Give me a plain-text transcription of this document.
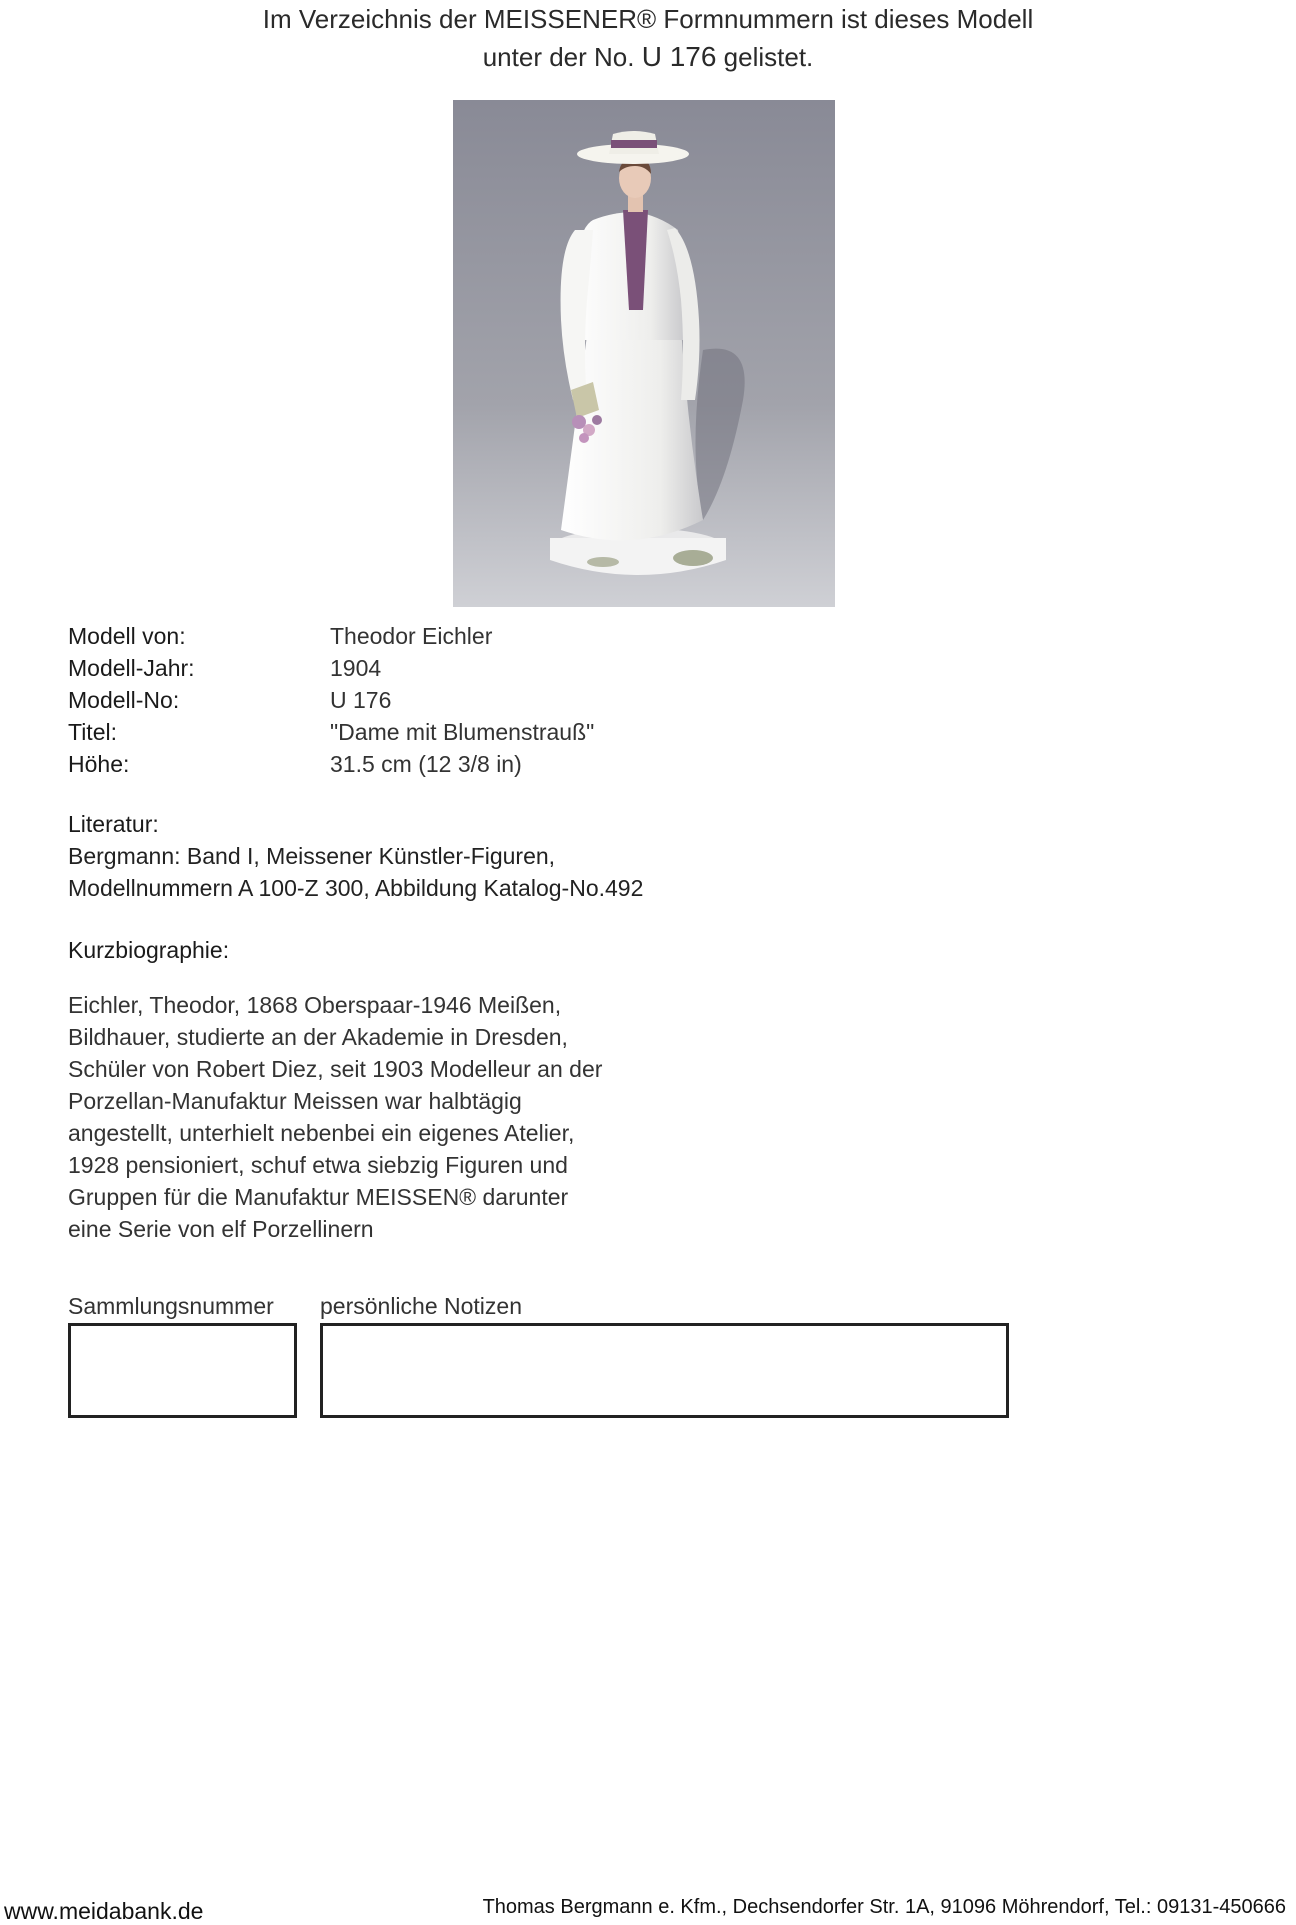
Im Verzeichnis der MEISSENER® Formnummern ist dieses Modell
unter der No. U 176 gelistet.
Modell von:	Theodor Eichler
Modell-Jahr:	1904
Modell-No:	U 176
Titel:	"Dame mit Blumenstrauß"
Höhe:	31.5 cm (12 3/8 in)
Literatur:
Bergmann: Band I, Meissener Künstler-Figuren,
Modellnummern A 100-Z 300, Abbildung Katalog-No.492
Kurzbiographie:
Eichler, Theodor, 1868 Oberspaar-1946 Meißen,
Bildhauer, studierte an der Akademie in Dresden,
Schüler von Robert Diez, seit 1903 Modelleur an der
Porzellan-Manufaktur Meissen war halbtägig
angestellt, unterhielt nebenbei ein eigenes Atelier,
1928 pensioniert, schuf etwa siebzig Figuren und
Gruppen für die Manufaktur MEISSEN® darunter
eine Serie von elf Porzellinern
Sammlungsnummer persönliche Notizen
www.meidabank.de	Thomas Bergmann e. Kfm., Dechsendorfer Str. 1A, 91096 Möhrendorf, Tel.: 09131-450666
